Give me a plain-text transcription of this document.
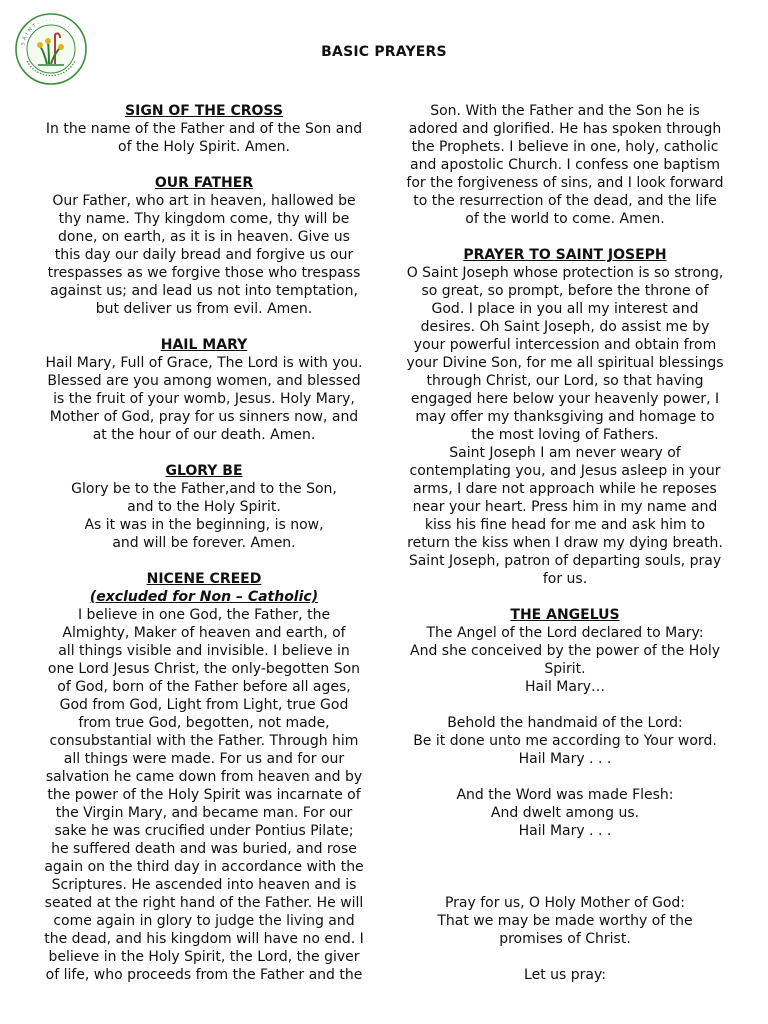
S A I N T · · · · · · · · · · ·
BASIC PRAYERS
SIGN OF THE CROSS
In the name of the Father and of the Son and
of the Holy Spirit. Amen.
OUR FATHER
Our Father, who art in heaven, hallowed be
thy name. Thy kingdom come, thy will be
done, on earth, as it is in heaven. Give us
this day our daily bread and forgive us our
trespasses as we forgive those who trespass
against us; and lead us not into temptation,
but deliver us from evil. Amen.
HAIL MARY
Hail Mary, Full of Grace, The Lord is with you.
Blessed are you among women, and blessed
is the fruit of your womb, Jesus. Holy Mary,
Mother of God, pray for us sinners now, and
at the hour of our death. Amen.
GLORY BE
Glory be to the Father,and to the Son,
and to the Holy Spirit.
As it was in the beginning, is now,
and will be forever. Amen.
NICENE CREED
(excluded for Non – Catholic)
I believe in one God, the Father, the
Almighty, Maker of heaven and earth, of
all things visible and invisible. I believe in
one Lord Jesus Christ, the only-begotten Son
of God, born of the Father before all ages,
God from God, Light from Light, true God
from true God, begotten, not made,
consubstantial with the Father. Through him
all things were made. For us and for our
salvation he came down from heaven and by
the power of the Holy Spirit was incarnate of
the Virgin Mary, and became man. For our
sake he was crucified under Pontius Pilate;
he suffered death and was buried, and rose
again on the third day in accordance with the
Scriptures. He ascended into heaven and is
seated at the right hand of the Father. He will
come again in glory to judge the living and
the dead, and his kingdom will have no end. I
believe in the Holy Spirit, the Lord, the giver
of life, who proceeds from the Father and the
Son. With the Father and the Son he is
adored and glorified. He has spoken through
the Prophets. I believe in one, holy, catholic
and apostolic Church. I confess one baptism
for the forgiveness of sins, and I look forward
to the resurrection of the dead, and the life
of the world to come. Amen.
PRAYER TO SAINT JOSEPH
O Saint Joseph whose protection is so strong,
so great, so prompt, before the throne of
God. I place in you all my interest and
desires. Oh Saint Joseph, do assist me by
your powerful intercession and obtain from
your Divine Son, for me all spiritual blessings
through Christ, our Lord, so that having
engaged here below your heavenly power, I
may offer my thanksgiving and homage to
the most loving of Fathers.
Saint Joseph I am never weary of
contemplating you, and Jesus asleep in your
arms, I dare not approach while he reposes
near your heart. Press him in my name and
kiss his fine head for me and ask him to
return the kiss when I draw my dying breath.
Saint Joseph, patron of departing souls, pray
for us.
THE ANGELUS
The Angel of the Lord declared to Mary:
And she conceived by the power of the Holy
Spirit.
Hail Mary…
Behold the handmaid of the Lord:
Be it done unto me according to Your word.
Hail Mary . . .
And the Word was made Flesh:
And dwelt among us.
Hail Mary . . .
Pray for us, O Holy Mother of God:
That we may be made worthy of the
promises of Christ.
Let us pray:
